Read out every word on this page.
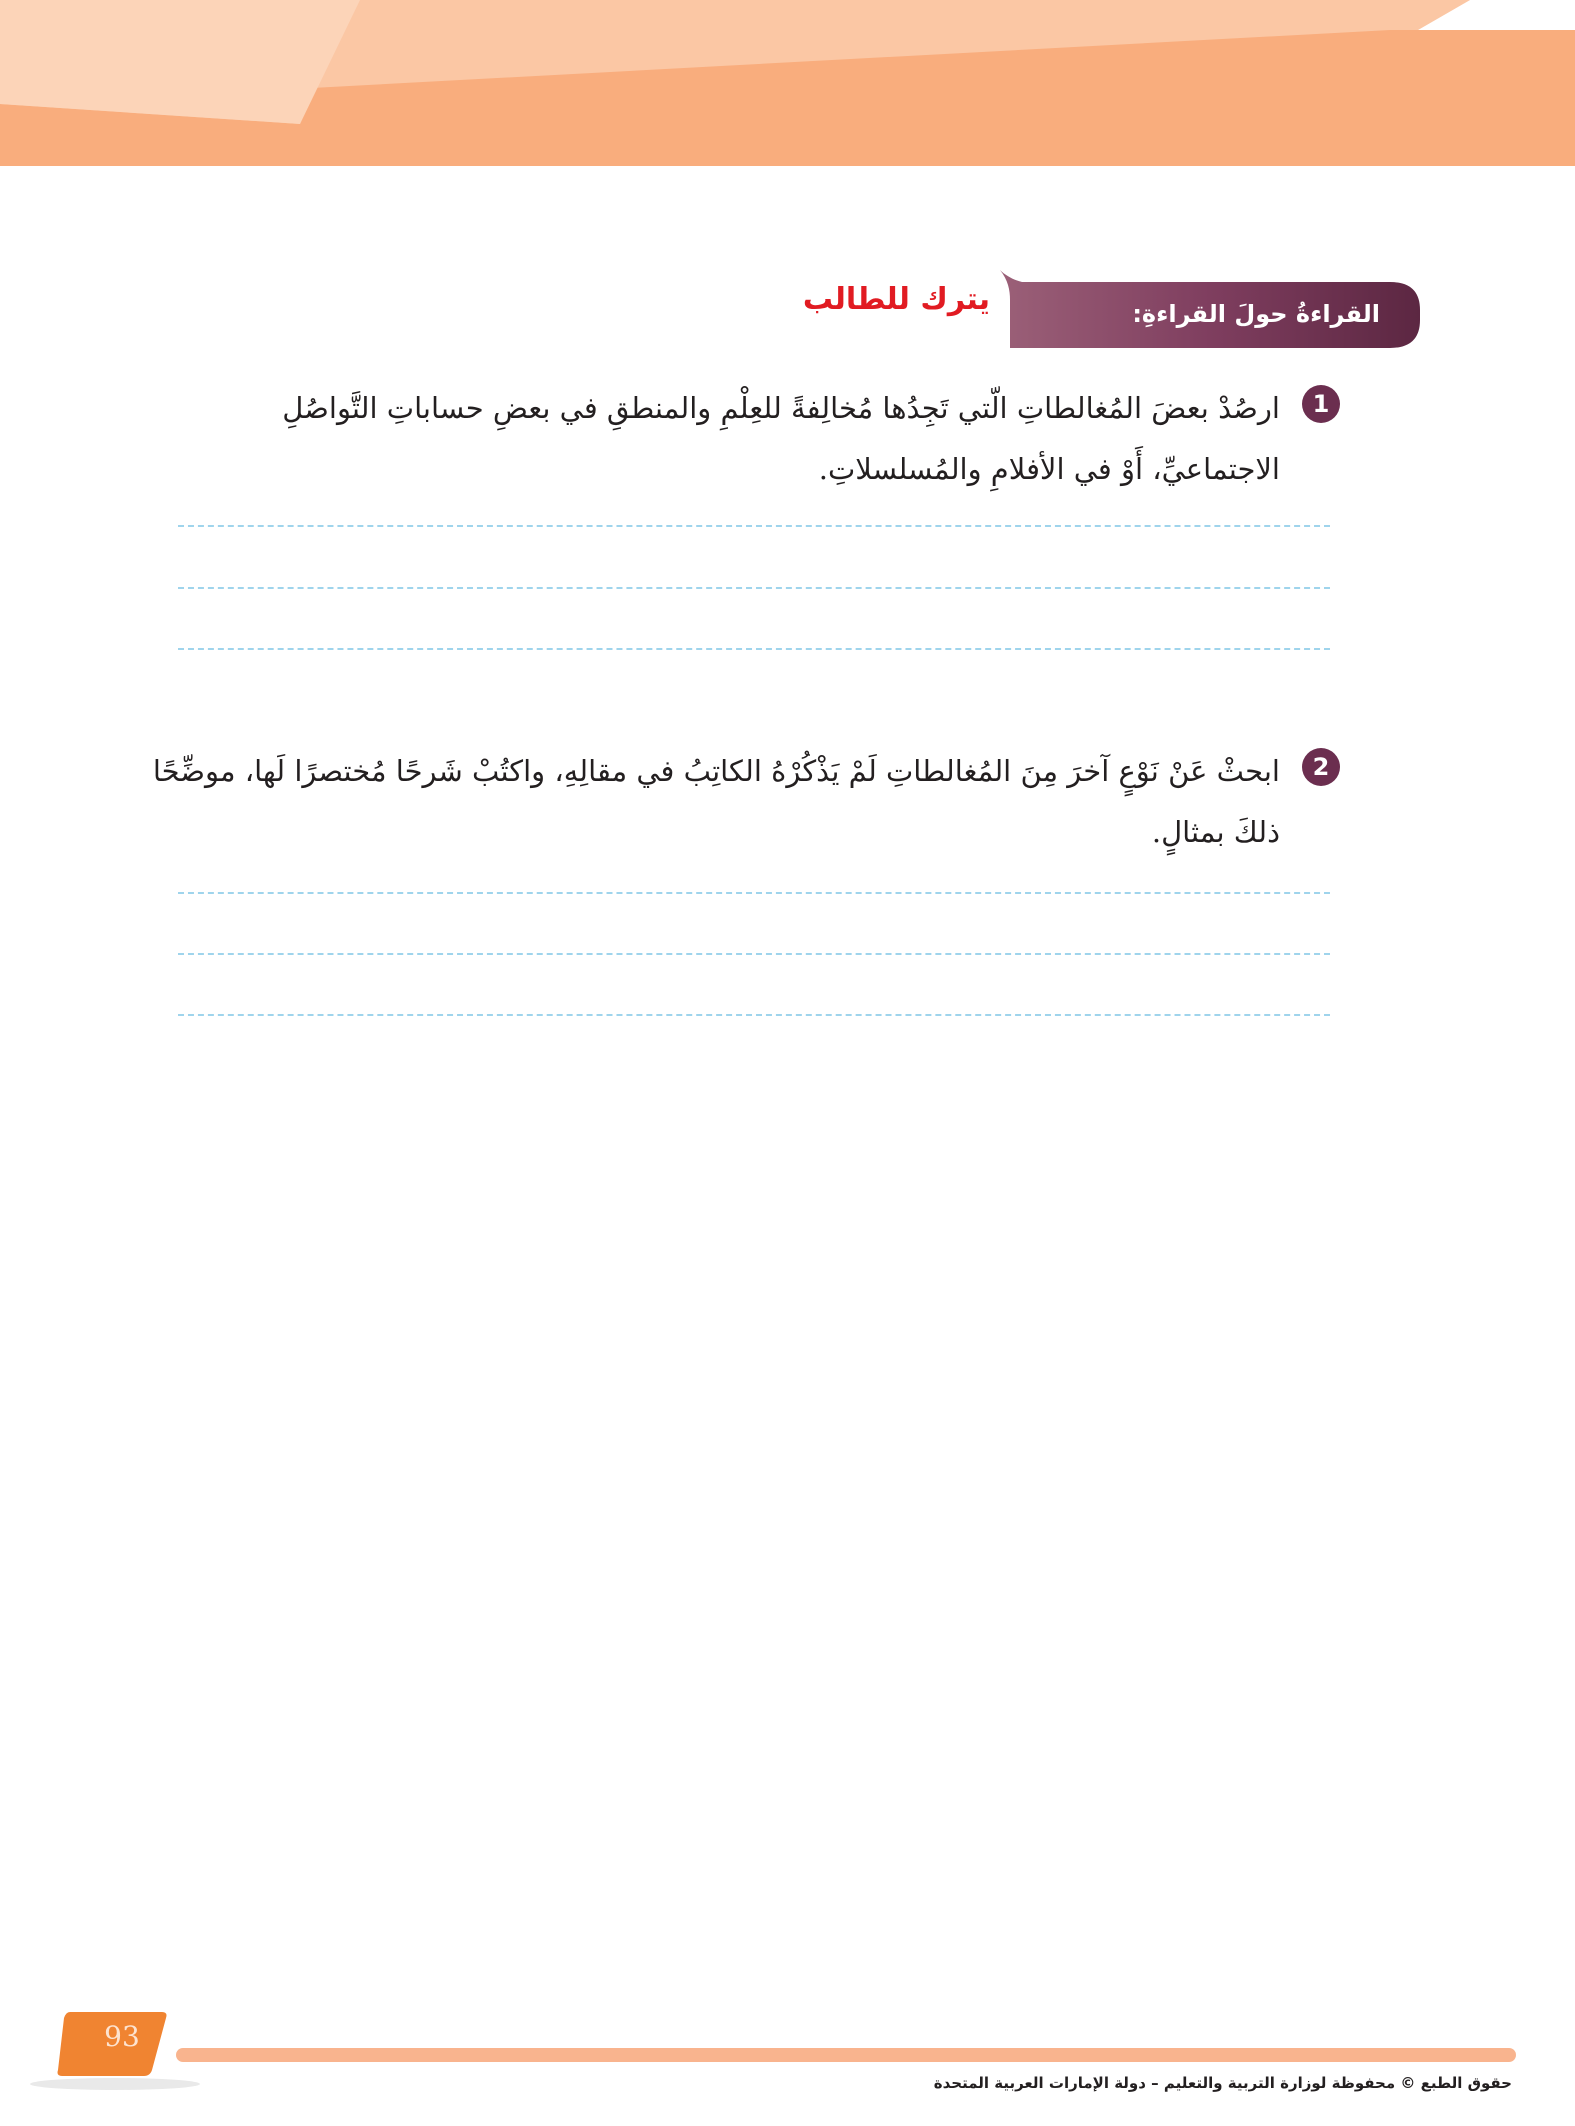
القراءةُ حولَ القراءةِ:
يترك للطالب
1

ارصُدْ بعضَ المُغالطاتِ الّتي تَجِدُها مُخالِفةً للعِلْمِ والمنطقِ في بعضِ حساباتِ التَّواصُلِ الاجتماعيِّ، أَوْ في الأفلامِ والمُسلسلاتِ.

2

ابحثْ عَنْ نَوْعٍ آخرَ مِنَ المُغالطاتِ لَمْ يَذْكُرْهُ الكاتِبُ في مقالِهِ، واكتُبْ شَرحًا مُختصرًا لَها، موضِّحًا ذلكَ بمثالٍ.

93
حقوق الطبع © محفوظة لوزارة التربية والتعليم – دولة الإمارات العربية المتحدة
